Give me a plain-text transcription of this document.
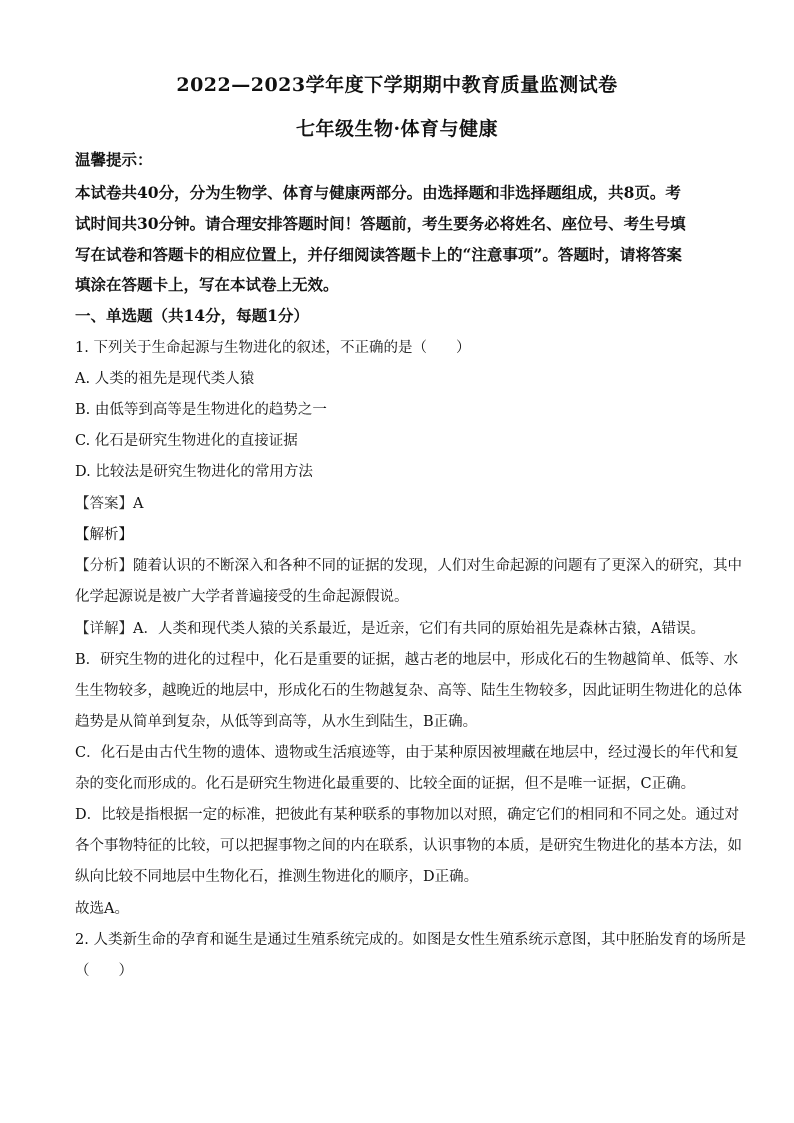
2022—2023学年度下学期期中教育质量监测试卷
七年级生物·体育与健康
温馨提示：
本试卷共40分，分为生物学、体育与健康两部分。由选择题和非选择题组成，共8页。考
试时间共30分钟。请合理安排答题时间！答题前，考生要务必将姓名、座位号、考生号填
写在试卷和答题卡的相应位置上，并仔细阅读答题卡上的“注意事项”。答题时，请将答案
填涂在答题卡上，写在本试卷上无效。
一、单选题（共14分，每题1分）
1. 下列关于生命起源与生物进化的叙述，不正确的是（　　）
A. 人类的祖先是现代类人猿
B. 由低等到高等是生物进化的趋势之一
C. 化石是研究生物进化的直接证据
D. 比较法是研究生物进化的常用方法
【答案】A
【解析】
【分析】随着认识的不断深入和各种不同的证据的发现，人们对生命起源的问题有了更深入的研究，其中
化学起源说是被广大学者普遍接受的生命起源假说。
【详解】A．人类和现代类人猿的关系最近，是近亲，它们有共同的原始祖先是森林古猿，A错误。
B．研究生物的进化的过程中，化石是重要的证据，越古老的地层中，形成化石的生物越简单、低等、水
生生物较多，越晚近的地层中，形成化石的生物越复杂、高等、陆生生物较多，因此证明生物进化的总体
趋势是从简单到复杂，从低等到高等，从水生到陆生，B正确。
C．化石是由古代生物的遗体、遗物或生活痕迹等，由于某种原因被埋藏在地层中，经过漫长的年代和复
杂的变化而形成的。化石是研究生物进化最重要的、比较全面的证据，但不是唯一证据，C正确。
D．比较是指根据一定的标准，把彼此有某种联系的事物加以对照，确定它们的相同和不同之处。通过对
各个事物特征的比较，可以把握事物之间的内在联系，认识事物的本质，是研究生物进化的基本方法，如
纵向比较不同地层中生物化石，推测生物进化的顺序，D正确。
故选A。
2. 人类新生命的孕育和诞生是通过生殖系统完成的。如图是女性生殖系统示意图，其中胚胎发育的场所是
（　　）
